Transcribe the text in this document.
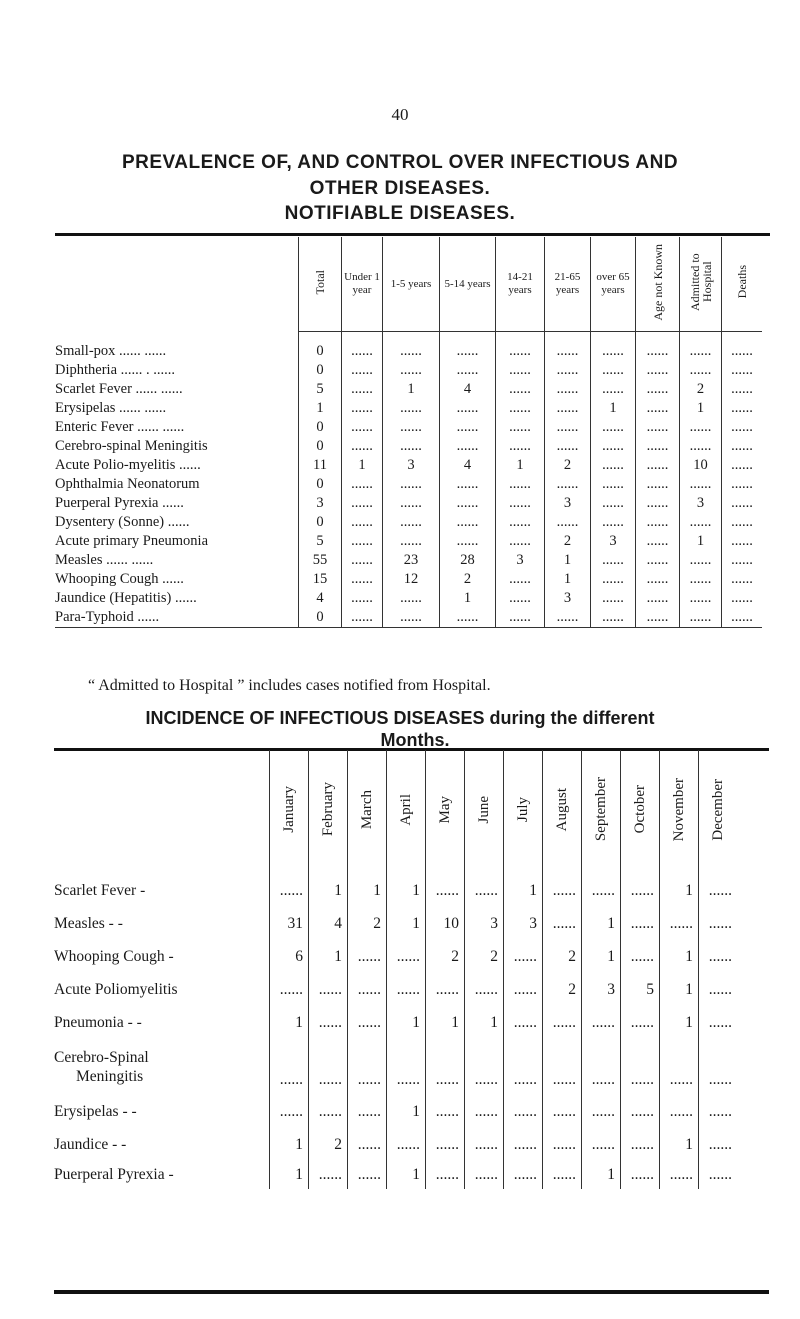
40
PREVALENCE OF, AND CONTROL OVER INFECTIOUS AND
OTHER DISEASES.
NOTIFIABLE DISEASES.
	Total	Under 1 year	1-5 years	5-14 years	14-21 years	21-65 years	over 65 years	Age not Known	Admitted to Hospital	Deaths

Small-pox ...... ......	0	......	......	......	......	......	......	......	......	......
Diphtheria ...... . ......	0	......	......	......	......	......	......	......	......	......
Scarlet Fever ...... ......	5	......	1	4	......	......	......	......	2	......
Erysipelas ...... ......	1	......	......	......	......	......	1	......	1	......
Enteric Fever ...... ......	0	......	......	......	......	......	......	......	......	......
Cerebro-spinal Meningitis	0	......	......	......	......	......	......	......	......	......
Acute Polio-myelitis ......	11	1	3	4	1	2	......	......	10	......
Ophthalmia Neonatorum	0	......	......	......	......	......	......	......	......	......
Puerperal Pyrexia ......	3	......	......	......	......	3	......	......	3	......
Dysentery (Sonne) ......	0	......	......	......	......	......	......	......	......	......
Acute primary Pneumonia	5	......	......	......	......	2	3	......	1	......
Measles ...... ......	55	......	23	28	3	1	......	......	......	......
Whooping Cough ......	15	......	12	2	......	1	......	......	......	......
Jaundice (Hepatitis) ......	4	......	......	1	......	3	......	......	......	......
Para-Typhoid ......	0	......	......	......	......	......	......	......	......	......
“ Admitted to Hospital ” includes cases notified from Hospital.
INCIDENCE OF INFECTIOUS DISEASES during the different
Months.
	January	February	March	April	May	June	July	August	September	October	November	December

Scarlet Fever -	......	1	1	1	......	......	1	......	......	......	1	......

Measles - -	31	4	2	1	10	3	3	......	1	......	......	......

Whooping Cough -	6	1	......	......	2	2	......	2	1	......	1	......

Acute Poliomyelitis	......	......	......	......	......	......	......	2	3	5	1	......

Pneumonia - -	1	......	......	1	1	1	......	......	......	......	1	......

Cerebro-Spinal
Meningitis	......	......	......	......	......	......	......	......	......	......	......	......

Erysipelas - -	......	......	......	1	......	......	......	......	......	......	......	......

Jaundice - -	1	2	......	......	......	......	......	......	......	......	1	......

Puerperal Pyrexia -	1	......	......	1	......	......	......	......	1	......	......	......
